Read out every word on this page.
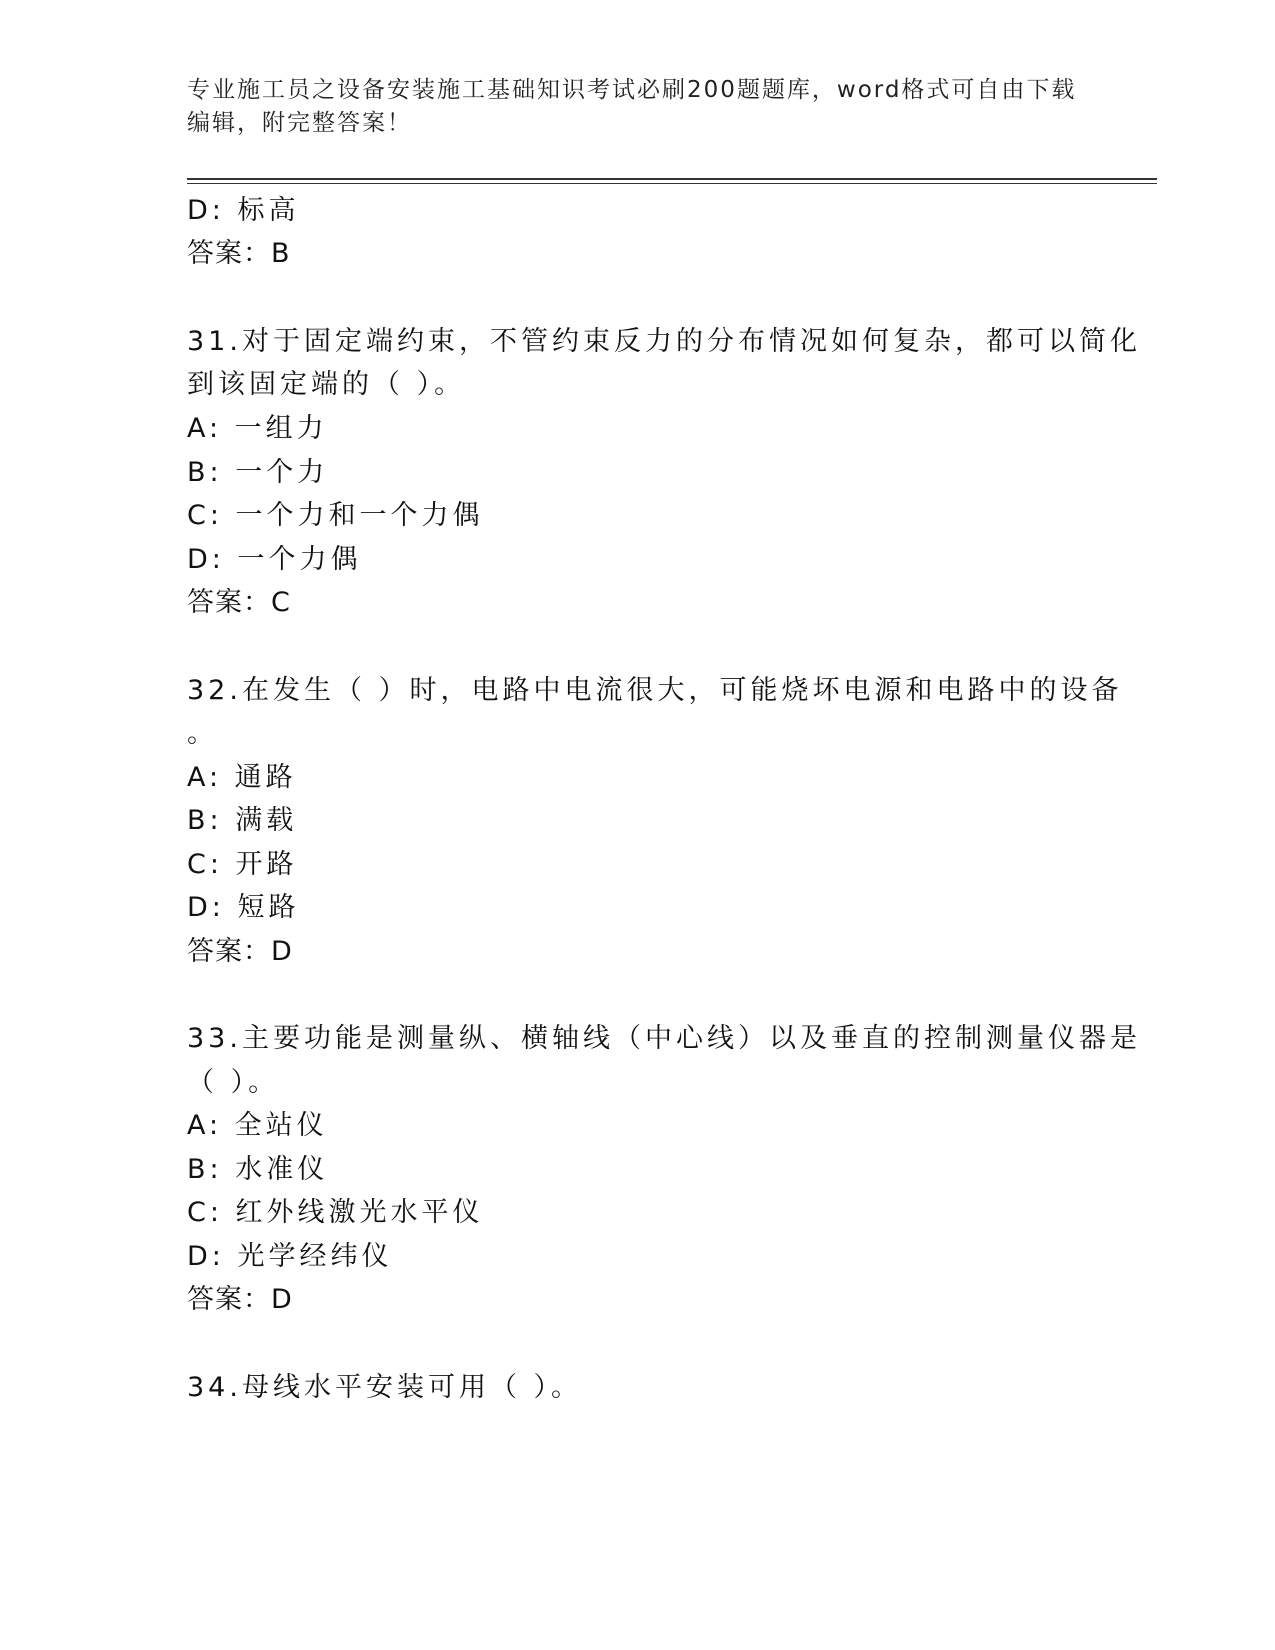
专业施工员之设备安装施工基础知识考试必刷200题题库，word格式可自由下载
编辑，附完整答案！
D: 标高
答案：B
31.对于固定端约束，不管约束反力的分布情况如何复杂，都可以简化
到该固定端的（ ）。
A: 一组力
B: 一个力
C: 一个力和一个力偶
D: 一个力偶
答案：C
32.在发生（ ）时，电路中电流很大，可能烧坏电源和电路中的设备
。
A: 通路
B: 满载
C: 开路
D: 短路
答案：D
33.主要功能是测量纵、横轴线（中心线）以及垂直的控制测量仪器是
（ ）。
A: 全站仪
B: 水准仪
C: 红外线激光水平仪
D: 光学经纬仪
答案：D
34.母线水平安装可用（ ）。
